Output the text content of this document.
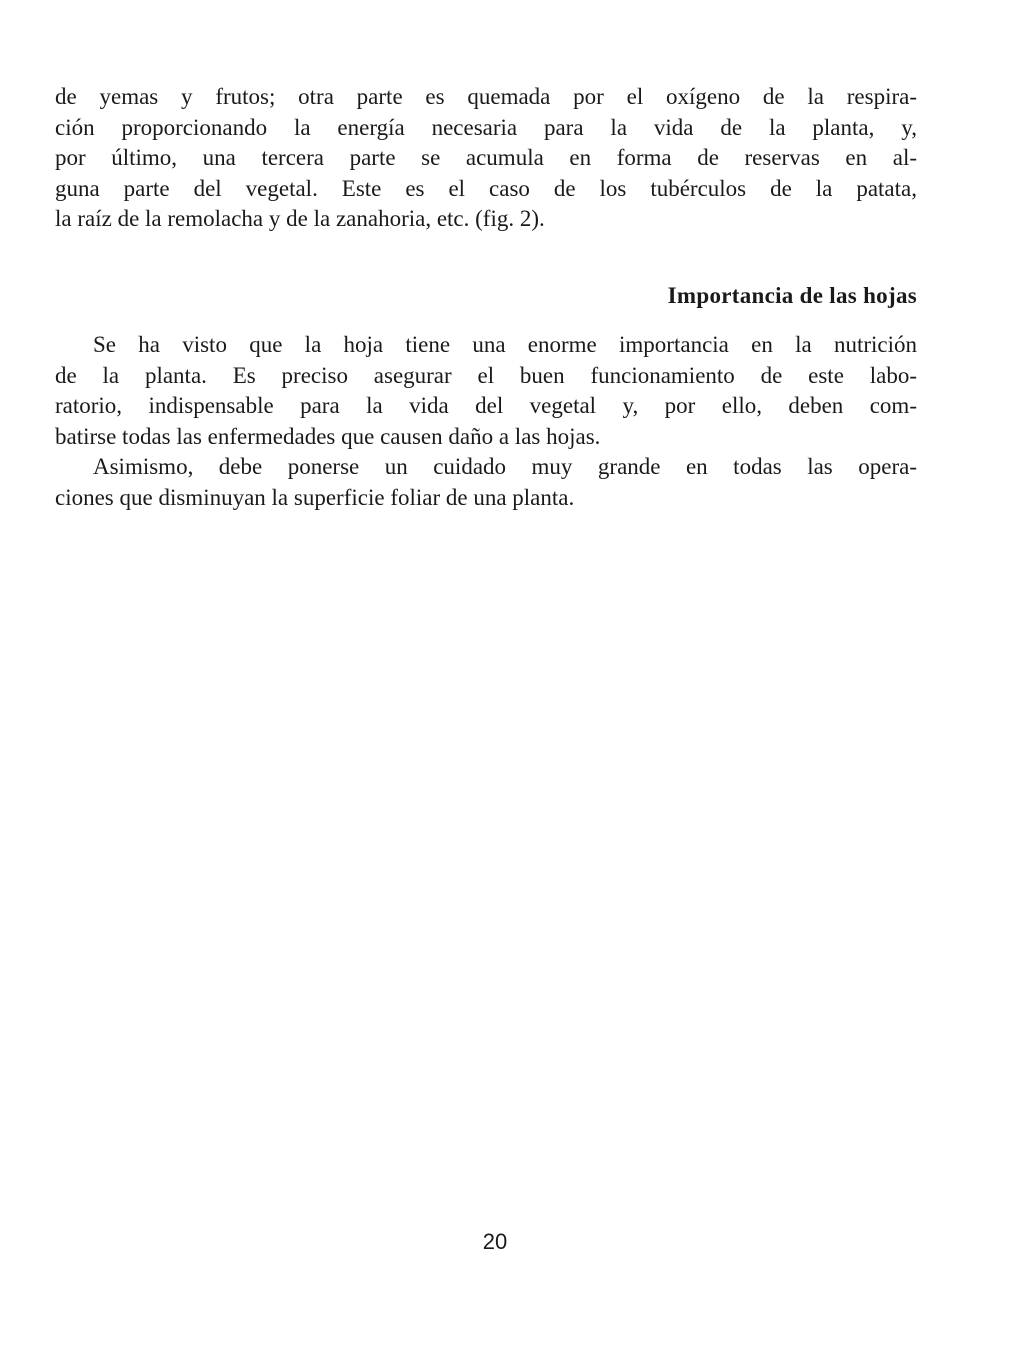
de yemas y frutos; otra parte es quemada por el oxígeno de la respira-
ción proporcionando la energía necesaria para la vida de la planta, y,
por último, una tercera parte se acumula en forma de reservas en al-
guna parte del vegetal. Este es el caso de los tubérculos de la patata,
la raíz de la remolacha y de la zanahoria, etc. (fig. 2).
Importancia de las hojas
Se ha visto que la hoja tiene una enorme importancia en la nutrición
de la planta. Es preciso asegurar el buen funcionamiento de este labo-
ratorio, indispensable para la vida del vegetal y, por ello, deben com-
batirse todas las enfermedades que causen daño a las hojas.
Asimismo, debe ponerse un cuidado muy grande en todas las opera-
ciones que disminuyan la superficie foliar de una planta.
20
